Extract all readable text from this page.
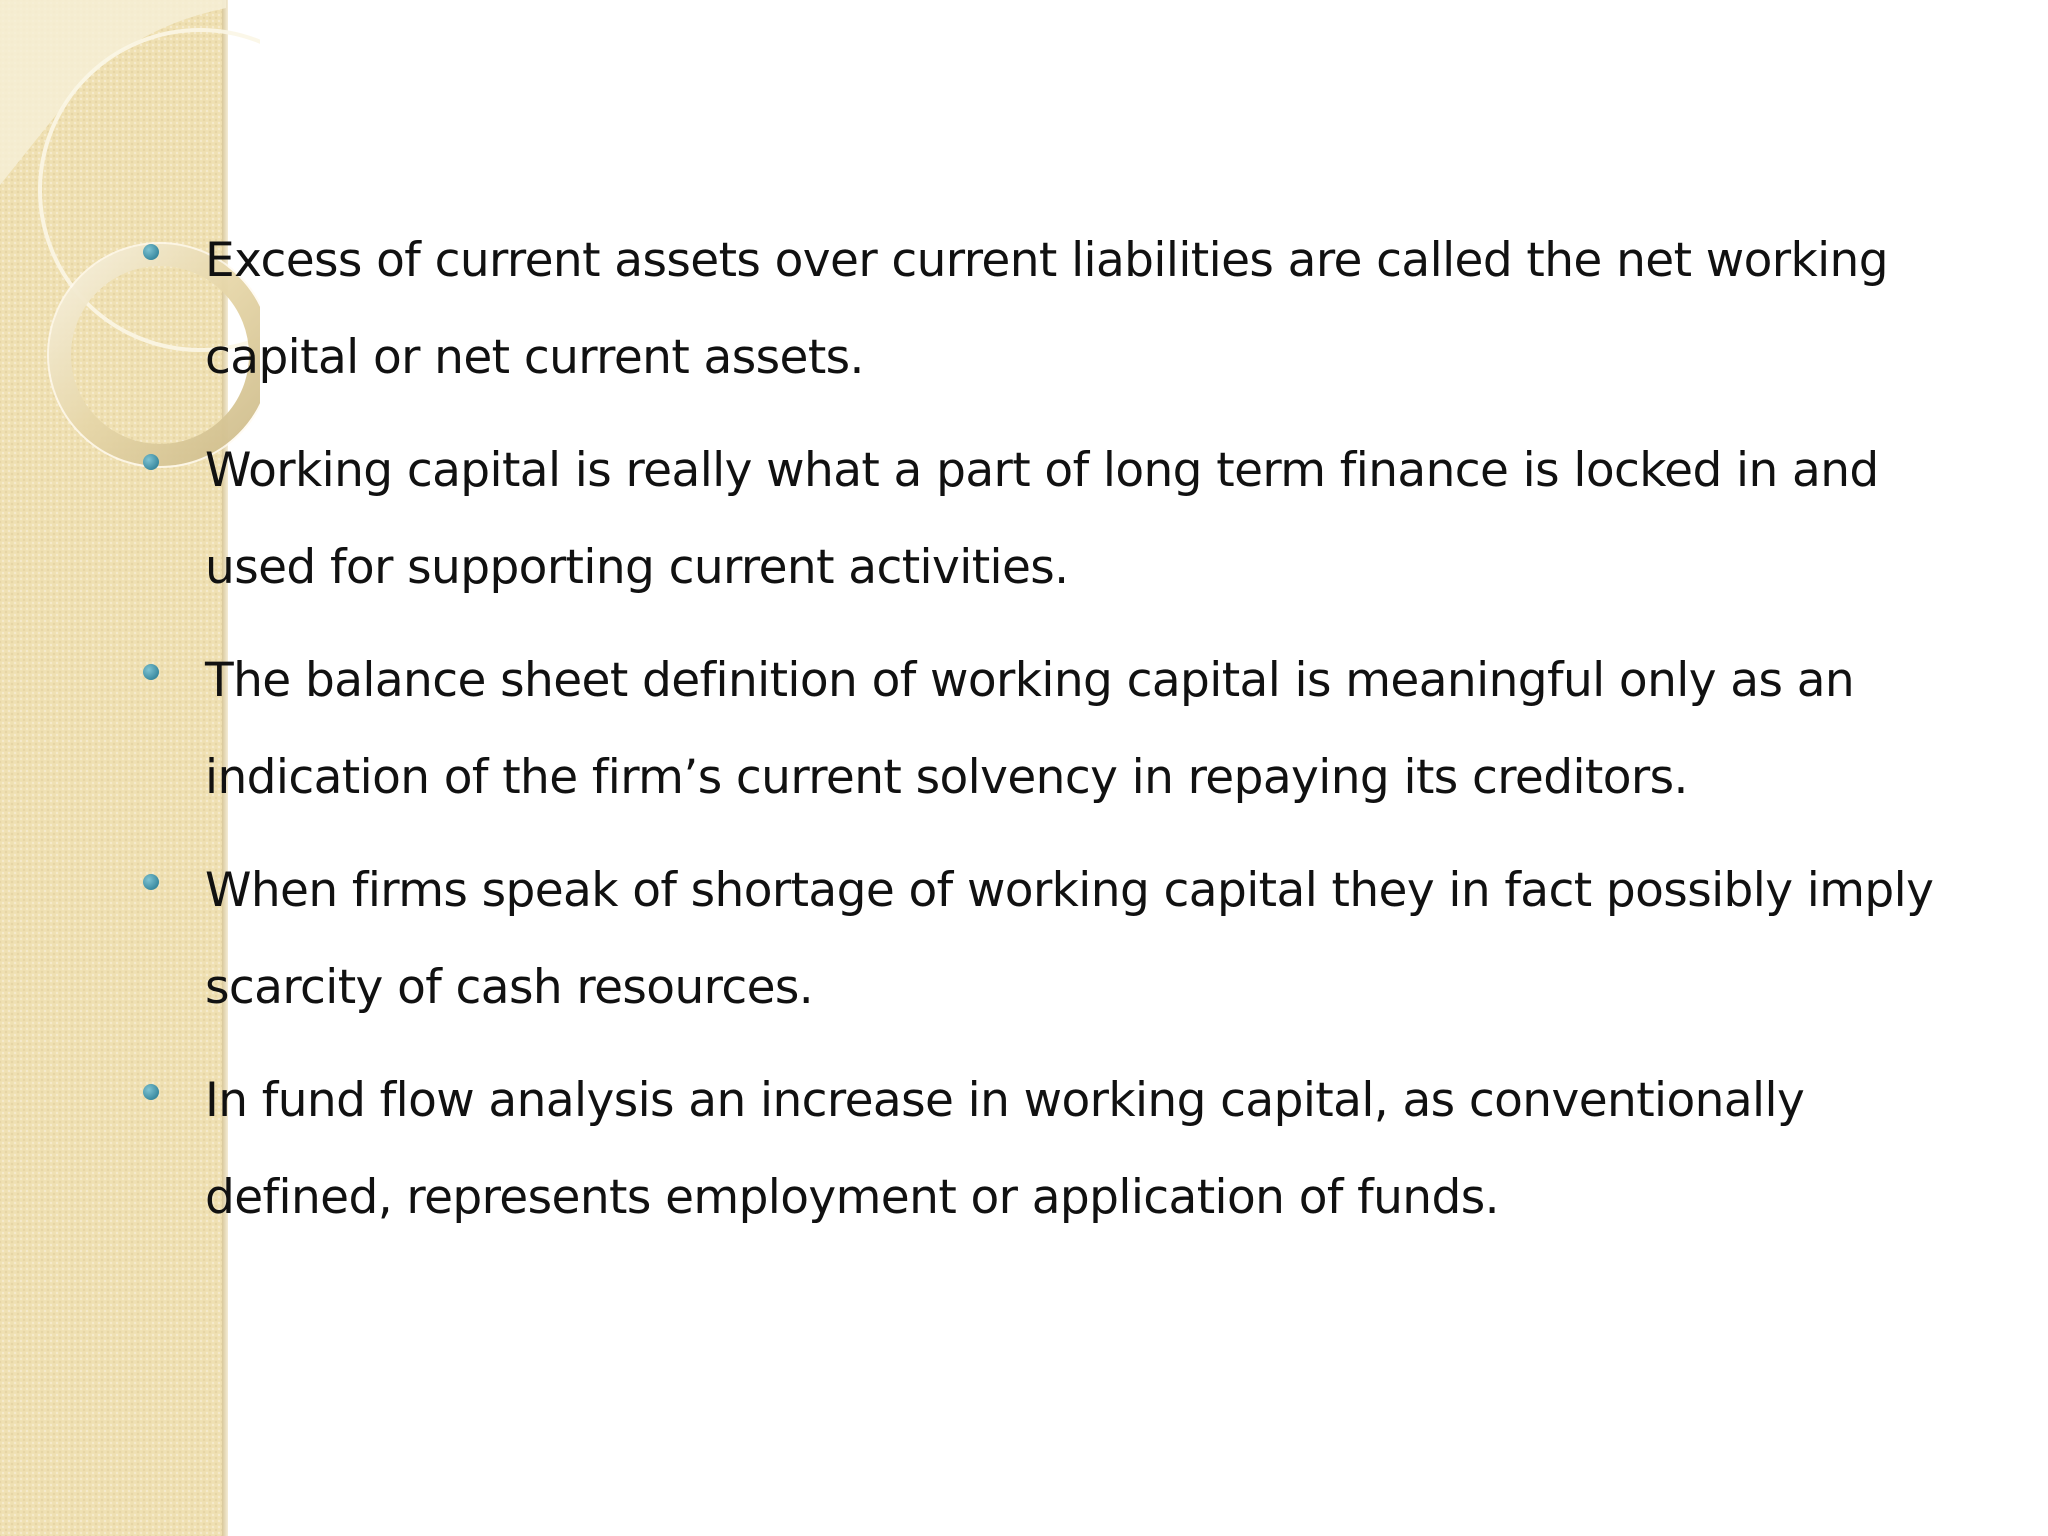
Excess of current assets over current liabilities are called the net working capital or net current assets.
Working capital is really what a part of long term finance is locked in and used for supporting current activities.
The balance sheet definition of working capital is meaningful only as an indication of the firm’s current solvency in repaying its creditors.
When firms speak of shortage of working capital they in fact possibly imply scarcity of cash resources.
In fund flow analysis an increase in working capital, as conventionally defined, represents employment or application of funds.
